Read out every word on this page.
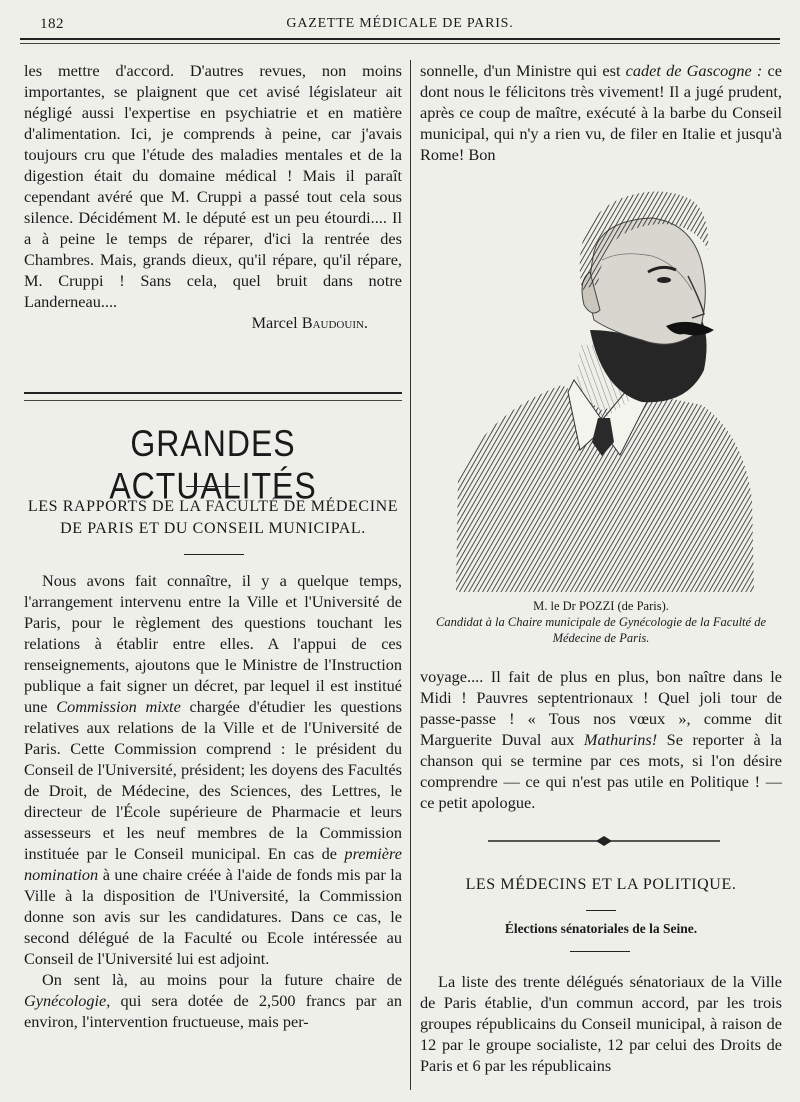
182	GAZETTE MÉDICALE DE PARIS.

les mettre d'accord. D'autres revues, non moins importantes, se plaignent que cet avisé législateur ait négligé aussi l'expertise en psychiatrie et en matière d'alimentation. Ici, je comprends à peine, car j'avais toujours cru que l'étude des maladies mentales et de la digestion était du domaine médical ! Mais il paraît cependant avéré que M. Cruppi a passé tout cela sous silence. Décidément M. le député est un peu étourdi.... Il a à peine le temps de réparer, d'ici la rentrée des Chambres. Mais, grands dieux, qu'il répare, qu'il répare, M. Cruppi ! Sans cela, quel bruit dans notre Landerneau....

Marcel Baudouin.

GRANDES ACTUALITÉS

LES RAPPORTS DE LA FACULTÉ DE MÉDECINE DE PARIS ET DU CONSEIL MUNICIPAL.

Nous avons fait connaître, il y a quelque temps, l'arrangement intervenu entre la Ville et l'Université de Paris, pour le règlement des questions touchant les relations à établir entre elles. A l'appui de ces renseignements, ajoutons que le Ministre de l'Instruction publique a fait signer un décret, par lequel il est institué une Commission mixte chargée d'étudier les questions relatives aux relations de la Ville et de l'Université de Paris. Cette Commission comprend : le président du Conseil de l'Université, président; les doyens des Facultés de Droit, de Médecine, des Sciences, des Lettres, le directeur de l'École supérieure de Pharmacie et leurs assesseurs et les neuf membres de la Commission instituée par le Conseil municipal. En cas de première nomination à une chaire créée à l'aide de fonds mis par la Ville à la disposition de l'Université, la Commission donne son avis sur les candidatures. Dans ce cas, le second délégué de la Faculté ou Ecole intéressée au Conseil de l'Université lui est adjoint.

On sent là, au moins pour la future chaire de Gynécologie, qui sera dotée de 2,500 francs par an environ, l'intervention fructueuse, mais per-

sonnelle, d'un Ministre qui est cadet de Gascogne : ce dont nous le félicitons très vivement! Il a jugé prudent, après ce coup de maître, exécuté à la barbe du Conseil municipal, qui n'y a rien vu, de filer en Italie et jusqu'à Rome! Bon

M. le Dr POZZI (de Paris).
Candidat à la Chaire municipale de Gynécologie de la Faculté de Médecine de Paris.

voyage.... Il fait de plus en plus, bon naître dans le Midi ! Pauvres septentrionaux ! Quel joli tour de passe-passe ! « Tous nos vœux », comme dit Marguerite Duval aux Mathurins! Se reporter à la chanson qui se termine par ces mots, si l'on désire comprendre — ce qui n'est pas utile en Politique ! — ce petit apologue.

LES MÉDECINS ET LA POLITIQUE.

Élections sénatoriales de la Seine.

La liste des trente délégués sénatoriaux de la Ville de Paris établie, d'un commun accord, par les trois groupes républicains du Conseil municipal, à raison de 12 par le groupe socialiste, 12 par celui des Droits de Paris et 6 par les républicains
